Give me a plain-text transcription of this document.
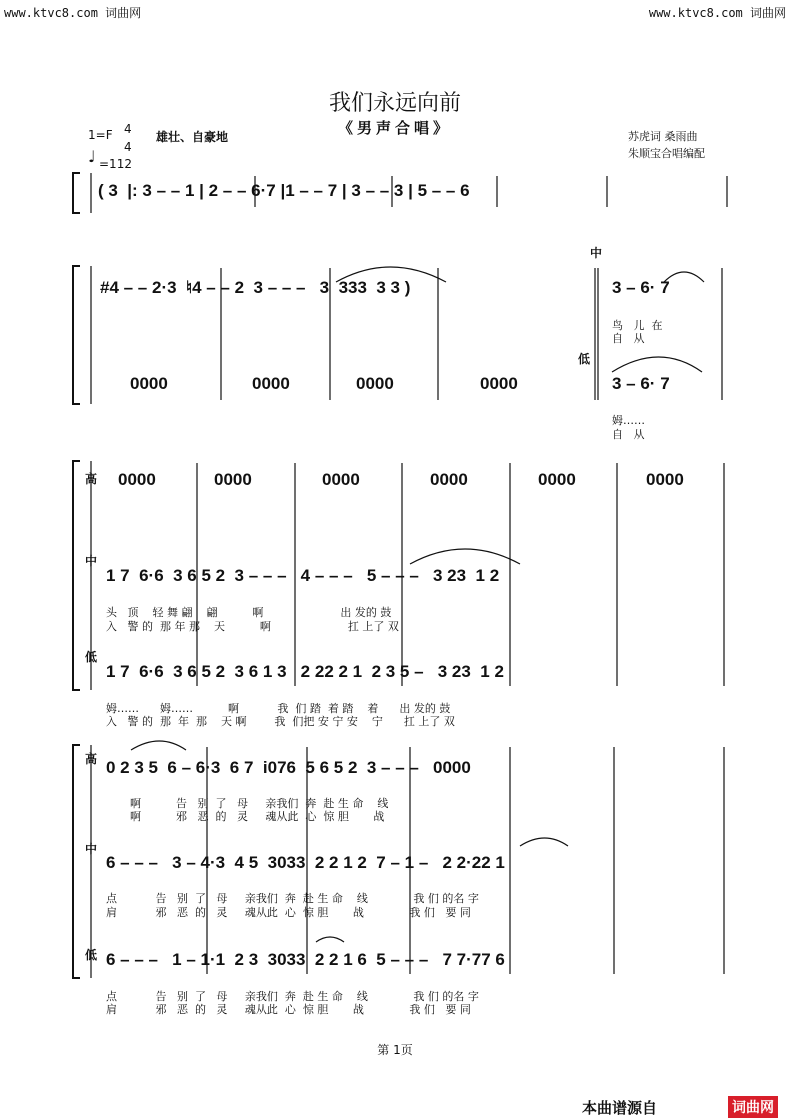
www.ktvc8.com 词曲网	www.ktvc8.com 词曲网
我们永远向前
《男声合唱》	苏虎词 桑雨曲
朱顺宝合唱编配
1=F 4
4
♩ =112
雄壮、自豪地
( 3  |: 3 – – 1 | 2 – – 6·7 |1 – – 7 | 3 – – 3 | 5 – – 6
中
低
#4 – – 2·3  ♮4 – – 2  3 – – –   3  333  3 3 )
0000	0000	0000	0000
3 – 6· 7
鸟   儿  在
自   从
3 – 6· 7
姆……
自   从
高
中
低
0000	0000	0000	0000	0000	0000
1 7  6·6  3 6 5 2  3 – – –   4 – – –   5 – – –   3 23  1 2
头   顶    轻 舞 翩    翩          啊                      出 发的 鼓
入   警 的  那 年 那    天          啊                      扛 上了 双
1 7  6·6  3 6 5 2  3 6 1 3   2 22 2 1  2 3 5 –   3 23  1 2
姆……      姆……          啊           我  们 踏  着 踏    着      出 发的 鼓
入   警 的  那  年  那    天 啊        我  们把 安 宁 安    宁      扛 上了 双
高
中
低
0 2 3 5  6 – 6·3  6 7  i076  5 6 5 2  3 – – –   0000
啊          告   别  了   母     亲我们  奔  赴 生 命    线
啊          邪   恶  的   灵     魂从此  心  惊 胆       战
6 – – –   3 – 4·3  4 5  3033  2 2 1 2  7 – 1 –   2 2·22 1
点           告   别  了   母     亲我们  奔  赴 生 命    线             我 们 的名 字
肩           邪   恶  的   灵     魂从此  心  惊 胆       战             我 们   要 同
6 – – –   1 – 1·1  2 3  3033  2 2 1 6  5 – – –   7 7·77 6
点           告   别  了   母     亲我们  奔  赴 生 命    线             我 们 的名 字
肩           邪   恶  的   灵     魂从此  心  惊 胆       战             我 们   要 同
第 1页
本曲谱源自	词曲网
